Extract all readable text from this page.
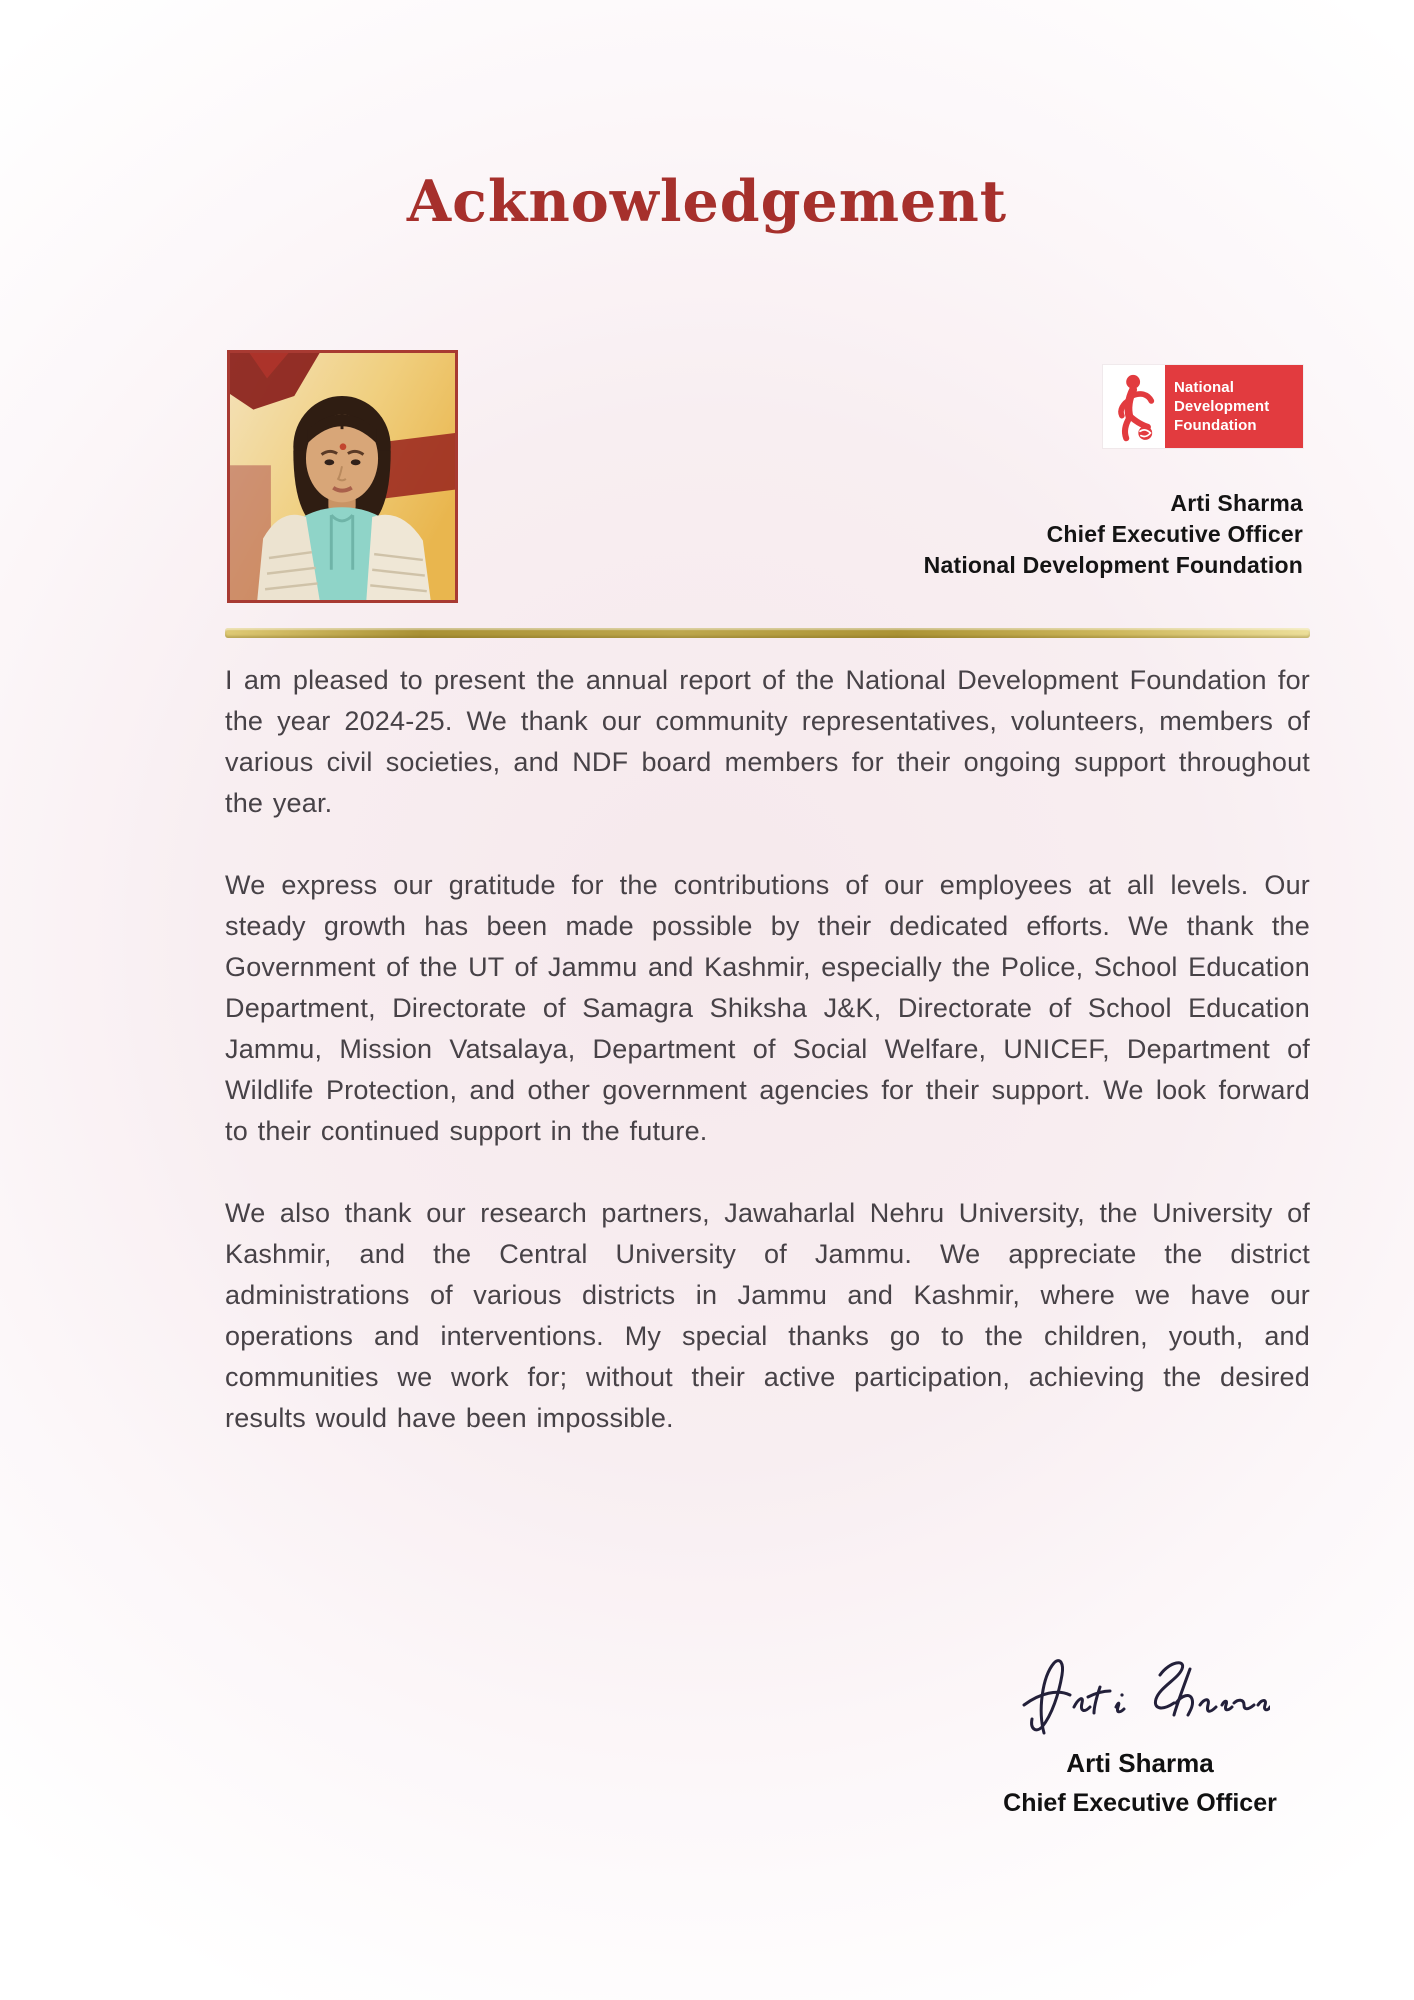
Acknowledgement
National
Development
Foundation
Arti Sharma
Chief Executive Officer
National Development Foundation

I am pleased to present the annual report of the National Development Foundation for the year 2024-25. We thank our community representatives, volunteers, members of various civil societies, and NDF board members for their ongoing support throughout the year.

We express our gratitude for the contributions of our employees at all levels. Our steady growth has been made possible by their dedicated efforts. We thank the Government of the UT of Jammu and Kashmir, especially the Police, School Education Department, Directorate of Samagra Shiksha J&K, Directorate of School Education Jammu, Mission Vatsalaya, Department of Social Welfare, UNICEF, Department of Wildlife Protection, and other government agencies for their support. We look forward to their continued support in the future.

We also thank our research partners, Jawaharlal Nehru University, the University of Kashmir, and the Central University of Jammu. We appreciate the district administrations of various districts in Jammu and Kashmir, where we have our operations and interventions. My special thanks go to the children, youth, and communities we work for; without their active participation, achieving the desired results would have been impossible.

Arti Sharma
Chief Executive Officer
